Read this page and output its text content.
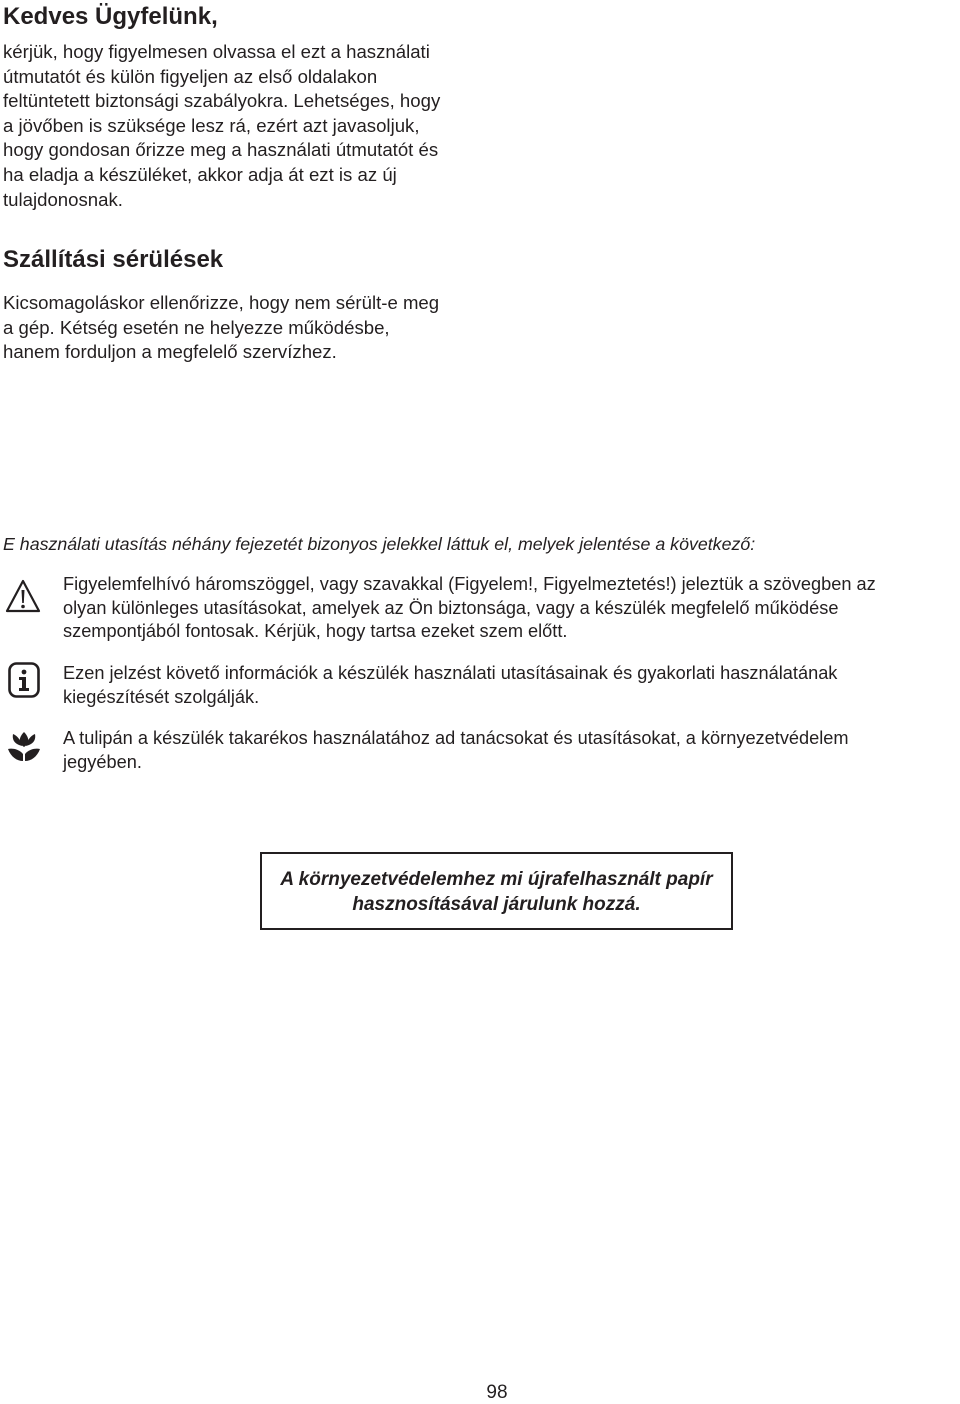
Kedves Ügyfelünk,
kérjük, hogy figyelmesen olvassa el ezt a használati
útmutatót és külön figyeljen az első oldalakon
feltüntetett biztonsági szabályokra. Lehetséges, hogy
a jövőben is szüksége lesz rá, ezért azt javasoljuk,
hogy gondosan őrizze meg a használati útmutatót és
ha eladja a készüléket, akkor adja át ezt is az új
tulajdonosnak.
Szállítási sérülések
Kicsomagoláskor ellenőrizze, hogy nem sérült-e meg
a gép. Kétség esetén ne helyezze működésbe,
hanem forduljon a megfelelő szervízhez.
E használati utasítás néhány fejezetét bizonyos jelekkel láttuk el, melyek jelentése a következő:
Figyelemfelhívó háromszöggel, vagy szavakkal (Figyelem!, Figyelmeztetés!) jeleztük a szövegben az
olyan különleges utasításokat, amelyek az Ön biztonsága, vagy a készülék megfelelő működése
szempontjából fontosak. Kérjük, hogy tartsa ezeket szem előtt.
Ezen jelzést követő információk a készülék használati utasításainak és gyakorlati használatának
kiegészítését szolgálják.
A tulipán a készülék takarékos használatához ad tanácsokat és utasításokat, a környezetvédelem
jegyében.
A környezetvédelemhez mi újrafelhasznált papír
hasznosításával járulunk hozzá.
98
